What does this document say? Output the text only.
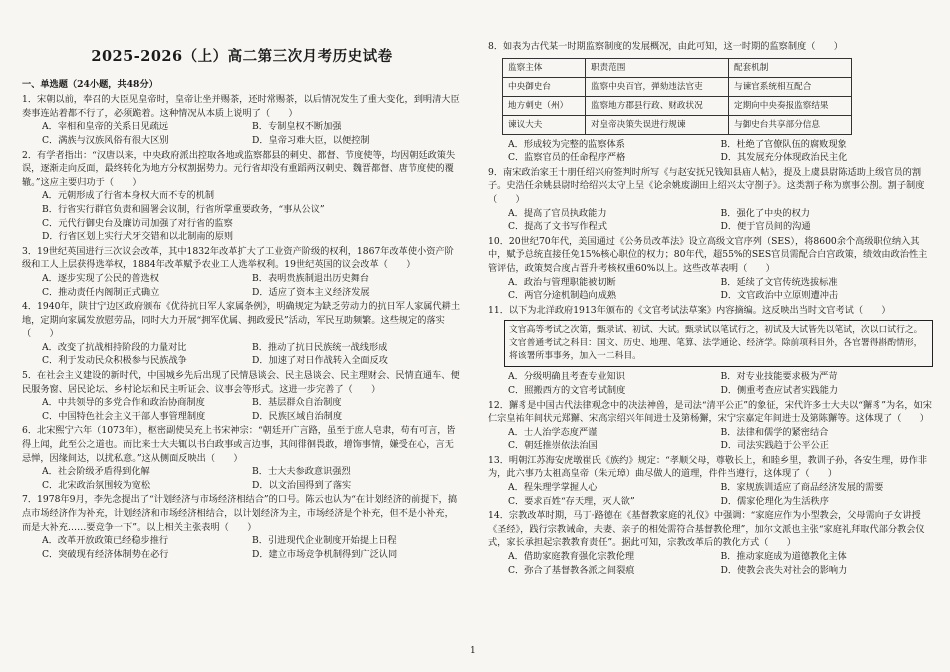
2025-2026（上）高二第三次月考历史试卷
一、单选题（24小题，共48分）

1．宋朝以前，奉召的大臣见皇帝时，皇帝让坐并赐茶，还时常赐茶，以后情况发生了重大变化，到明清大臣奏事连站着都不行了，必须跪着。这种情况从本质上说明了（　　）

A．宰相和皇帝的关系日见疏远	B．专制皇权不断加强
C．满族与汉族风俗有很大区别	D．皇帝习难大臣，以便控制

2．有学者指出：“汉唐以来，中央政府派出控取各地或监察都县的刺史、都督、节度使等，均因朝廷政策失误，逐渐走向反面，最终转化为地方分权割据势力。元行省却没有重蹈两汉刺史、魏晋都督、唐节度使的覆辙。”这应主要归功于（　　）

A．元朝形成了行省本身权大而不专的机制
B．行省实行群官负责和圆署会议制，行省所掌重要政务，“事从公议”
C．元代行御史台及廉访司加强了对行省的监察
D．行省区划上实行犬牙交错和以北制南的原则

3．19世纪英国进行三次议会改革，其中1832年改革扩大了工业资产阶级的权利，1867年改革使小资产阶级和工人上层获得选举权，1884年改革赋予农业工人选举权利。19世纪英国的议会改革（　　）

A．逐步实现了公民的普选权	B．表明贵族制退出历史舞台
C．推动责任内阁制正式确立	D．适应了资本主义经济发展

4．1940年，陕甘宁边区政府颁布《优待抗日军人家属条例》，明确规定为缺乏劳动力的抗日军人家属代耕土地，定期向家属发放慰劳品，同时大力开展“拥军优属、拥政爱民”活动，军民互助频繁。这些规定的落实（　　）

A．改变了抗战相持阶段的力量对比	B．推动了抗日民族统一战线形成
C．利于发动民众积极参与民族战争	D．加速了对日作战转入全面反攻

5．在社会主义建设的新时代，中国城乡先后出现了民情恳谈会、民主恳谈会、民主理财会、民情直通车、便民服务窗、居民论坛、乡村论坛和民主听证会、议事会等形式。这进一步完善了（　　）

A．中共领导的多党合作和政治协商制度	B．基层群众自治制度
C．中国特色社会主义干部人事管理制度	D．民族区域自治制度

6．北宋熙宁六年（1073年），枢密副使吴充上书宋神宗：“朝廷开广言路，虽至于庶人皂隶，苟有可言，皆得上闻，此至公之道也。而比来士大夫辄以书白政事或言边事，其间徘徊畏敢，增饰事情，嫌受在心，言无忌惮，因缘间达，以扰私意。”这从侧面反映出（　　）

A．社会阶级矛盾得到化解	B．士大夫参政意识强烈
C．北宋政治氛围较为宽松	D．以文治国得到了落实

7．1978年9月，李先念提出了“计划经济与市场经济相结合”的口号。陈云也认为“在计划经济的前提下，搞点市场经济作为补充，计划经济和市场经济相结合，以计划经济为主，市场经济是个补充，但不是小补充，而是大补充……要竞争一下”。以上相关主张表明（　　）

A．改革开放政策已经稳步推行	B．引进现代企业制度开始提上日程
C．突破现有经济体制势在必行	D．建立市场竞争机制得到广泛认同

8．如表为古代某一时期监察制度的发展概况，由此可知，这一时期的监察制度（　　）

监察主体	职责范围	配套机制
中央御史台	监察中央百官，弹劾违法官吏	与谏官系统相互配合
地方刺史（州）	监察地方郡县行政、财政状况	定期向中央奏报监察结果
谏议大夫	对皇帝决策失误进行规谏	与御史台共享部分信息
A．形成较为完整的监察体系	B．杜绝了官僚队伍的腐败现象
C．监察官员的任命程序严格	D．其发展充分体现政治民主化

9．南宋政治家王十朋任绍兴府签判时所写《与赵安抚兄钱知县庙人帖》，提及上虞县尉陈适助上级官员的割子。史浩任余姚县尉时给绍兴太守上呈《论余姚废湖田上绍兴太守剳子》。这类割子称为禀事公剳。割子制度（　　）

A．提高了官员执政能力	B．强化了中央的权力
C．提高了文书写作程式	D．便于官员间的沟通

10．20世纪70年代，美国通过《公务员改革法》设立高级文官序列（SES），将8600余个高级职位纳入其中，赋予总统直接任免15%核心职位的权力；80年代，超55%的SES官员需配合白宫政策，绩效由政治性主管评估，政策契合度占晋升考核权重60%以上。这些改革表明（　　）

A．政治与管理职能被切断	B．延续了文官传统选拔标准
C．两官分途机制趋向成熟	D．文官政治中立原则遭冲击

11．以下为北洋政府1913年颁布的《文官考试法草案》内容摘编。这反映出当时文官考试（　　）

文官高等考试之次第，甄录试、初试、大试。甄录试以笔试行之，初试及大试皆先以笔试，次以口试行之。文官普通考试之科目：国文、历史、地理、笔算、法学通论、经济学。除前项科目外，各官署得斟酌情形，将该署所事事务，加入一二科目。
A．分级明确且考查专业知识	B．对专业技能要求极为严苛
C．照搬西方的文官考试制度	D．侧重考查应试者实践能力

12．獬豸是中国古代法律观念中的决法神兽，是司法“清平公正”的象征，宋代许多士大夫以“獬豸”为名，如宋仁宗皇祐年间状元郑獬、宋高宗绍兴年间进士及第杨獬，宋宁宗嘉定年间进士及第陈獬等。这体现了（　　）

A．士人治学态度严谨	B．法律和儒学的紧密结合
C．朝廷推崇依法治国	D．司法实践趋于公平公正

13．明朝江苏海安虎墩崔氏《族约》规定：“孝顺父母，尊敬长上，和睦乡里，教训子孙，各安生理，毋作非为，此六事乃太祖高皇帝（朱元璋）曲尽做人的道理，件件当遵行，这体现了（　　）

A．程朱理学掌握人心	B．家规族训适应了商品经济发展的需要
C．要求百姓“存天理，灭人欲”	D．儒家伦理化为生活秩序

14．宗教改革时期，马丁·路德在《基督教家庭的礼仪》中强调：“家庭应作为小型教会，父母需向子女讲授《圣经》，践行宗教诫命，夫妻、亲子的相处需符合基督教伦理”，加尔文派也主张“家庭礼拜取代部分教会仪式，家长承担起宗教教育责任”。据此可知，宗教改革后的教化方式（　　）

A．借助家庭教育强化宗教伦理	B．推动家庭成为道德教化主体
C．弥合了基督教各派之间裂痕	D．使教会丧失对社会的影响力
1
